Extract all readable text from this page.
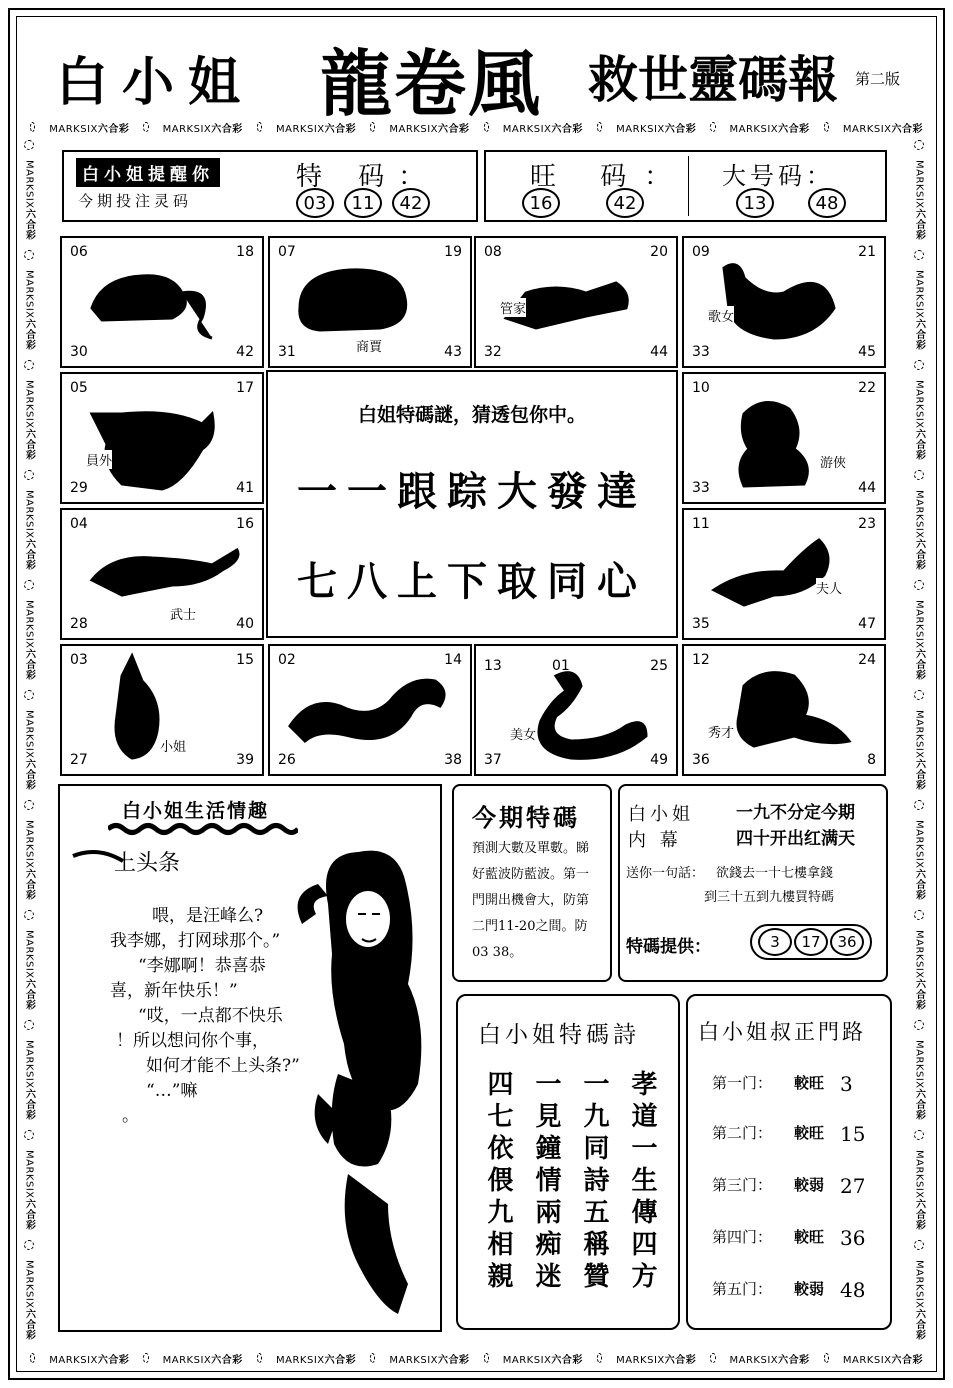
白小姐 龍卷風 救世靈碼報 第二版
MARKSIX六合彩	MARKSIX六合彩	MARKSIX六合彩	MARKSIX六合彩	MARKSIX六合彩	MARKSIX六合彩	MARKSIX六合彩	MARKSIX六合彩
MARKSIX六合彩	MARKSIX六合彩	MARKSIX六合彩	MARKSIX六合彩	MARKSIX六合彩	MARKSIX六合彩	MARKSIX六合彩	MARKSIX六合彩
MARKSIX六合彩
MARKSIX六合彩
MARKSIX六合彩
MARKSIX六合彩
MARKSIX六合彩
MARKSIX六合彩
MARKSIX六合彩
MARKSIX六合彩
MARKSIX六合彩
MARKSIX六合彩
MARKSIX六合彩
MARKSIX六合彩
MARKSIX六合彩
MARKSIX六合彩
MARKSIX六合彩
MARKSIX六合彩
MARKSIX六合彩
MARKSIX六合彩
MARKSIX六合彩
MARKSIX六合彩
MARKSIX六合彩
MARKSIX六合彩
白小姐提醒你
今期投注灵码
特 码：
03	11	42
旺 码：
16	42
大号码：
13	48
06	18
30	42
07	19
31	43
商賈
08	20
32	44
管家
09	21
33	45
歌女
05	17
29	41
員外
10	22
33	44
游俠
04	16
28	40
武士
11	23
35	47
夫人
03	15
27	39
小姐
02	14
26	38
13	25
37	49
01
美女
12	24
36	8
秀才
白姐特碼謎，猜透包你中。
一一跟踪大發達
七八上下取同心
白小姐生活情趣
上头条
喂，是汪峰么?
我李娜，打网球那个。”
“李娜啊！恭喜恭
喜，新年快乐！”
“哎，一点都不快乐
！所以想问你个事，
如何才能不上头条?”
“…”嘛
。
今期特碼
預測大數及單數。睇好藍波防藍波。第一門開出機會大，防第二門11-20之間。防03 38。
白小姐
内 幕
一九不分定今期
四十开出红满天
送你一句話： 欲錢去一十七樓拿錢
到三十五到九樓買特碼
特碼提供：	3	17	36
白小姐特碼詩
孝道一生傳四方
一九同詩五稱贊
一見鐘情兩痴迷
四七依偎九相親
白小姐叔正門路
第一门：	較旺 3
第二门：	較旺 15
第三门：	較弱 27
第四门：	較旺 36
第五门：	較弱 48
